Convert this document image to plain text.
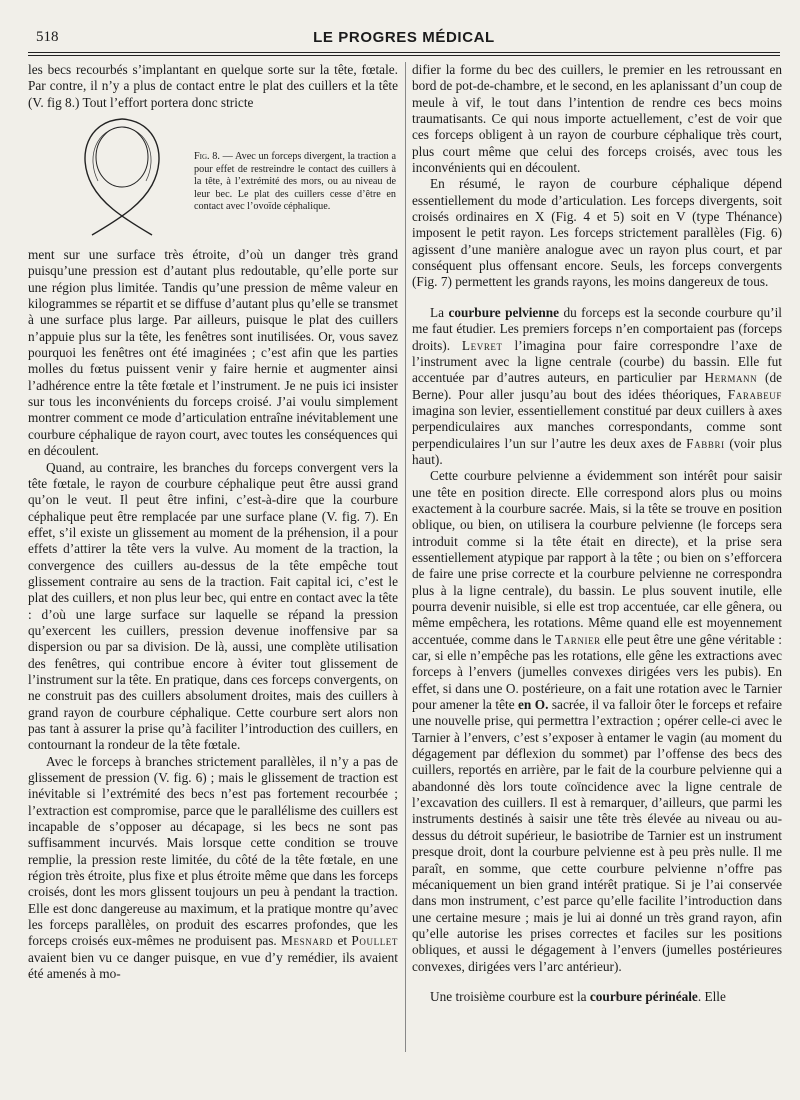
518	LE PROGRES MÉDICAL

les becs recourbés s’implantant en quelque sorte sur la tête, fœtale. Par contre, il n’y a plus de contact entre le plat des cuillers et la tête (V. fig 8.) Tout l’effort portera donc stricte

Fig. 8. — Avec un forceps divergent, la traction a pour effet de restreindre le contact des cuillers à la tête, à l’extrémité des mors, ou au niveau de leur bec. Le plat des cuillers cesse d’être en contact avec l’ovoïde céphalique.

ment sur une surface très étroite, d’où un danger très grand puisqu’une pression est d’autant plus redoutable, qu’elle porte sur une région plus limitée. Tandis qu’une pression de même valeur en kilogrammes se répartit et se diffuse d’autant plus qu’elle se transmet à une surface plus large. Par ailleurs, puisque le plat des cuillers n’appuie plus sur la tête, les fenêtres sont inutilisées. Or, vous savez pourquoi les fenêtres ont été imaginées ; c’est afin que les parties molles du fœtus puissent venir y faire hernie et augmenter ainsi l’adhérence entre la tête fœtale et l’instrument. Je ne puis ici insister sur tous les inconvénients du forceps croisé. J’ai voulu simplement montrer comment ce mode d’articulation entraîne inévitablement une courbure céphalique de rayon court, avec toutes les conséquences qui en découlent.

Quand, au contraire, les branches du forceps convergent vers la tête fœtale, le rayon de courbure céphalique peut être aussi grand qu’on le veut. Il peut être infini, c’est-à-dire que la courbure céphalique peut être remplacée par une surface plane (V. fig. 7). En effet, s’il existe un glissement au moment de la préhension, il a pour effets d’attirer la tête vers la vulve. Au moment de la traction, la convergence des cuillers au-dessus de la tête empêche tout glissement contraire au sens de la traction. Fait capital ici, c’est le plat des cuillers, et non plus leur bec, qui entre en contact avec la tête : d’où une large surface sur laquelle se répand la pression qu’exercent les cuillers, pression devenue inoffensive par sa dispersion ou par sa division. De là, aussi, une complète utilisation des fenêtres, qui contribue encore à éviter tout glissement de l’instrument sur la tête. En pratique, dans ces forceps convergents, on ne construit pas des cuillers absolument droites, mais des cuillers à grand rayon de courbure céphalique. Cette courbure sert alors non pas tant à assurer la prise qu’à faciliter l’introduction des cuillers, en contournant la rondeur de la tête fœtale.

Avec le forceps à branches strictement parallèles, il n’y a pas de glissement de pression (V. fig. 6) ; mais le glissement de traction est inévitable si l’extrémité des becs n’est pas fortement recourbée ; l’extraction est compromise, parce que le parallélisme des cuillers est incapable de s’opposer au décapage, si les becs ne sont pas suffisamment incurvés. Mais lorsque cette condition se trouve remplie, la pression reste limitée, du côté de la tête fœtale, en une région très étroite, plus fixe et plus étroite même que dans les forceps croisés, dont les mors glissent toujours un peu à pendant la traction. Elle est donc dangereuse au maximum, et la pratique montre qu’avec les forceps parallèles, on produit des escarres profondes, que les forceps croisés eux-mêmes ne produisent pas. Mesnard et Poullet avaient bien vu ce danger puisque, en vue d’y remédier, ils avaient été amenés à mo-

difier la forme du bec des cuillers, le premier en les retroussant en bord de pot-de-chambre, et le second, en les aplanissant d’un coup de meule à vif, le tout dans l’intention de rendre ces becs moins traumatisants. Ce qui nous importe actuellement, c’est de voir que ces forceps obligent à un rayon de courbure céphalique très court, plus court même que celui des forceps croisés, avec tous les inconvénients qui en découlent.

En résumé, le rayon de courbure céphalique dépend essentiellement du mode d’articulation. Les forceps divergents, soit croisés ordinaires en X (Fig. 4 et 5) soit en V (type Thénance) imposent le petit rayon. Les forceps strictement parallèles (Fig. 6) agissent d’une manière analogue avec un rayon plus court, et par conséquent plus offensant encore. Seuls, les forceps convergents (Fig. 7) permettent les grands rayons, les moins dangereux de tous.

La courbure pelvienne du forceps est la seconde courbure qu’il me faut étudier. Les premiers forceps n’en comportaient pas (forceps droits). Levret l’imagina pour faire correspondre l’axe de l’instrument avec la ligne centrale (courbe) du bassin. Elle fut accentuée par d’autres auteurs, en particulier par Hermann (de Berne). Pour aller jusqu’au bout des idées théoriques, Farabeuf imagina son levier, essentiellement constitué par deux cuillers à axes perpendiculaires aux manches correspondants, comme sont perpendiculaires l’un sur l’autre les deux axes de Fabbri (voir plus haut).

Cette courbure pelvienne a évidemment son intérêt pour saisir une tête en position directe. Elle correspond alors plus ou moins exactement à la courbure sacrée. Mais, si la tête se trouve en position oblique, ou bien, on utilisera la courbure pelvienne (le forceps sera introduit comme si la tête était en directe), et la prise sera essentiellement atypique par rapport à la tête ; ou bien on s’efforcera de faire une prise correcte et la courbure pelvienne ne correspondra plus à la ligne centrale), du bassin. Le plus souvent inutile, elle pourra devenir nuisible, si elle est trop accentuée, car elle gênera, ou même empêchera, les rotations. Même quand elle est moyennement accentuée, comme dans le Tarnier elle peut être une gêne véritable : car, si elle n’empêche pas les rotations, elle gêne les extractions avec forceps à l’envers (jumelles convexes dirigées vers les pubis). En effet, si dans une O. postérieure, on a fait une rotation avec le Tarnier pour amener la tête en O. sacrée, il va falloir ôter le forceps et refaire une nouvelle prise, qui permettra l’extraction ; opérer celle-ci avec le Tarnier à l’envers, c’est s’exposer à entamer le vagin (au moment du dégagement par déflexion du sommet) par l’offense des becs des cuillers, reportés en arrière, par le fait de la courbure pelvienne qui a abandonné dès lors toute coïncidence avec la ligne centrale de l’excavation des cuillers. Il est à remarquer, d’ailleurs, que parmi les instruments destinés à saisir une tête très élevée au niveau ou au-dessus du détroit supérieur, le basiotribe de Tarnier est un instrument presque droit, dont la courbure pelvienne est à peu près nulle. Il me paraît, en somme, que cette courbure pelvienne n’offre pas mécaniquement un bien grand intérêt pratique. Si je l’ai conservée dans mon instrument, c’est parce qu’elle facilite l’introduction dans une certaine mesure ; mais je lui ai donné un très grand rayon, afin qu’elle autorise les prises correctes et faciles sur les positions obliques, et aussi le dégagement à l’envers (jumelles postérieures convexes, dirigées vers l’arc antérieur).

Une troisième courbure est la courbure périnéale. Elle
